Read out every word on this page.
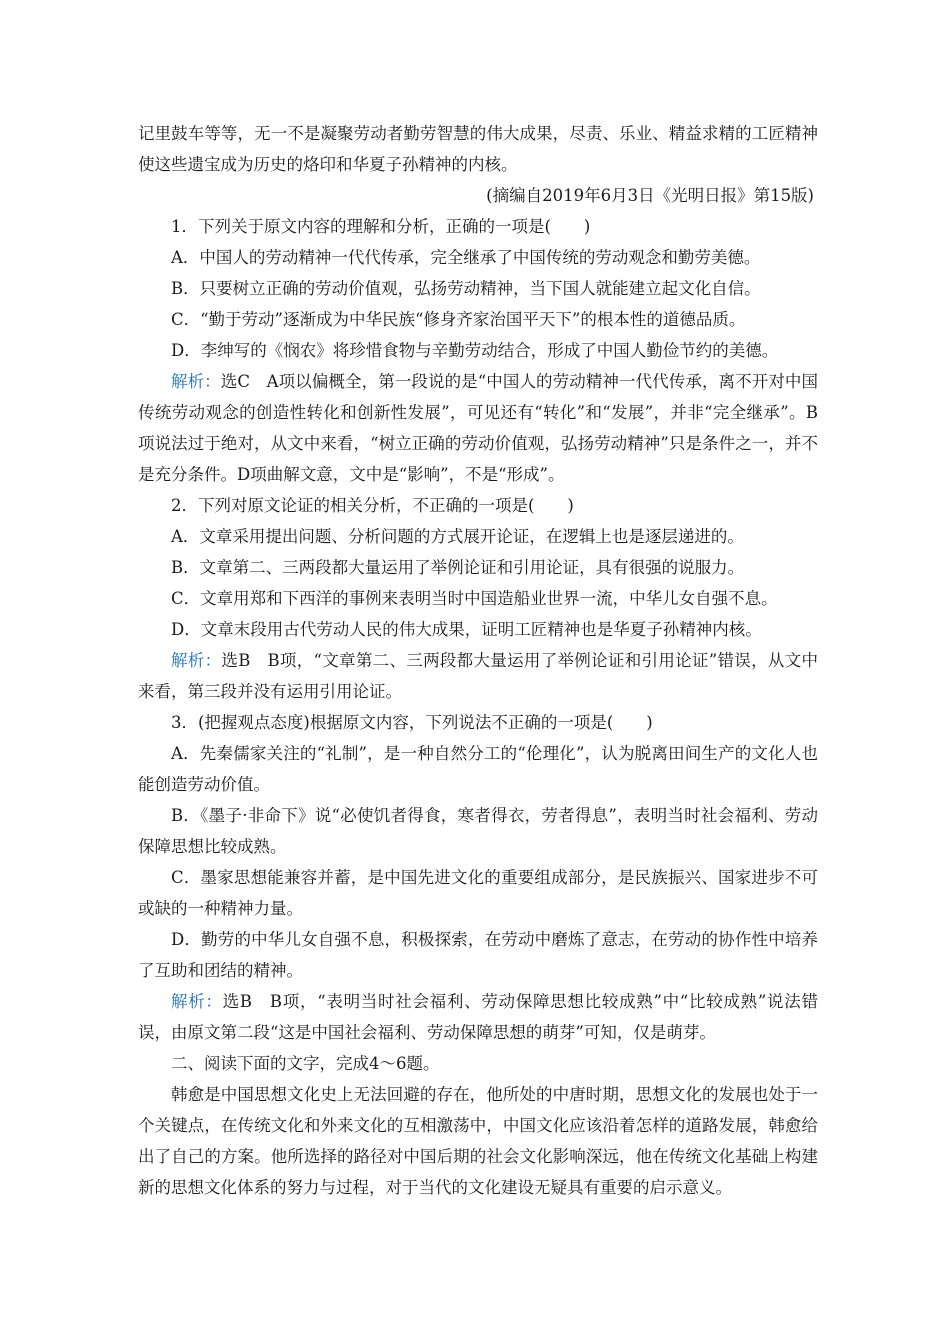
记里鼓车等等，无一不是凝聚劳动者勤劳智慧的伟大成果，尽责、乐业、精益求精的工匠精神使这些遗宝成为历史的烙印和华夏子孙精神的内核。

(摘编自2019年6月3日《光明日报》第15版)

1．下列关于原文内容的理解和分析，正确的一项是(　　)

A．中国人的劳动精神一代代传承，完全继承了中国传统的劳动观念和勤劳美德。

B．只要树立正确的劳动价值观，弘扬劳动精神，当下国人就能建立起文化自信。

C．“勤于劳动”逐渐成为中华民族“修身齐家治国平天下”的根本性的道德品质。

D．李绅写的《悯农》将珍惜食物与辛勤劳动结合，形成了中国人勤俭节约的美德。

解析：选C　A项以偏概全，第一段说的是“中国人的劳动精神一代代传承，离不开对中国传统劳动观念的创造性转化和创新性发展”，可见还有“转化”和“发展”，并非“完全继承”。B项说法过于绝对，从文中来看，“树立正确的劳动价值观，弘扬劳动精神”只是条件之一，并不是充分条件。D项曲解文意，文中是“影响”，不是“形成”。

2．下列对原文论证的相关分析，不正确的一项是(　　)

A．文章采用提出问题、分析问题的方式展开论证，在逻辑上也是逐层递进的。

B．文章第二、三两段都大量运用了举例论证和引用论证，具有很强的说服力。

C．文章用郑和下西洋的事例来表明当时中国造船业世界一流，中华儿女自强不息。

D．文章末段用古代劳动人民的伟大成果，证明工匠精神也是华夏子孙精神内核。

解析：选B　B项，“文章第二、三两段都大量运用了举例论证和引用论证”错误，从文中来看，第三段并没有运用引用论证。

3．(把握观点态度)根据原文内容，下列说法不正确的一项是(　　)

A．先秦儒家关注的“礼制”，是一种自然分工的“伦理化”，认为脱离田间生产的文化人也能创造劳动价值。

B．《墨子·非命下》说“必使饥者得食，寒者得衣，劳者得息”，表明当时社会福利、劳动保障思想比较成熟。

C．墨家思想能兼容并蓄，是中国先进文化的重要组成部分，是民族振兴、国家进步不可或缺的一种精神力量。

D．勤劳的中华儿女自强不息，积极探索，在劳动中磨炼了意志，在劳动的协作性中培养了互助和团结的精神。

解析：选B　B项，“表明当时社会福利、劳动保障思想比较成熟”中“比较成熟”说法错误，由原文第二段“这是中国社会福利、劳动保障思想的萌芽”可知，仅是萌芽。

二、阅读下面的文字，完成4～6题。

韩愈是中国思想文化史上无法回避的存在，他所处的中唐时期，思想文化的发展也处于一个关键点，在传统文化和外来文化的互相激荡中，中国文化应该沿着怎样的道路发展，韩愈给出了自己的方案。他所选择的路径对中国后期的社会文化影响深远，他在传统文化基础上构建新的思想文化体系的努力与过程，对于当代的文化建设无疑具有重要的启示意义。
